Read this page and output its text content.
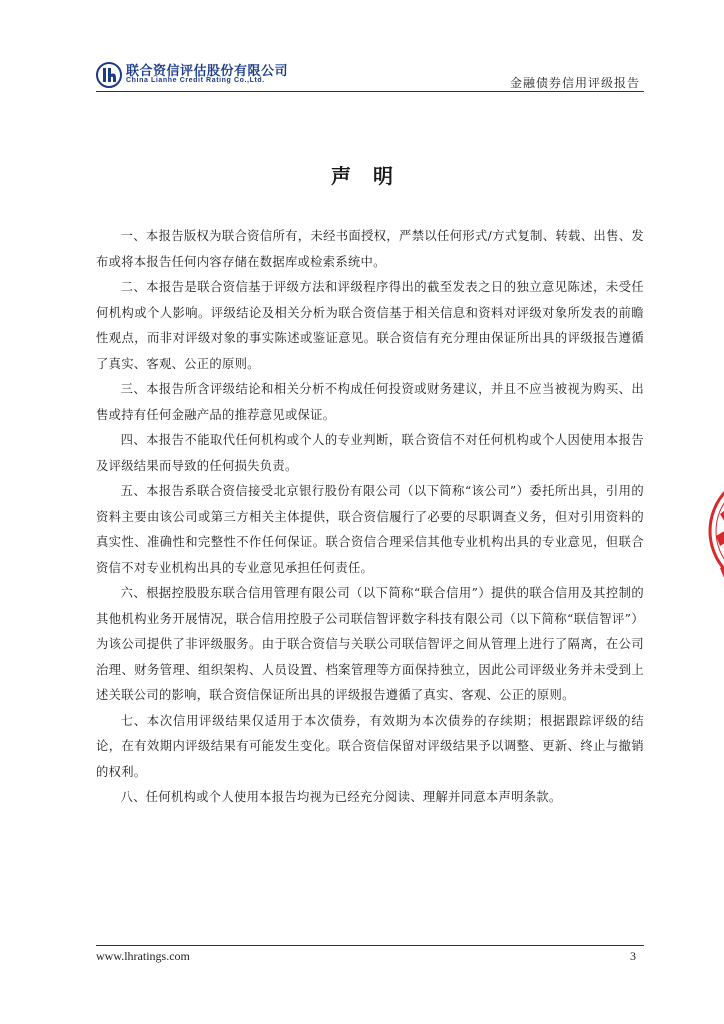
联合资信评估股份有限公司
China Lianhe Credit Rating Co.,Ltd.	金融债券信用评级报告
声明

一、本报告版权为联合资信所有，未经书面授权，严禁以任何形式/方式复制、转载、出售、发布或将本报告任何内容存储在数据库或检索系统中。

二、本报告是联合资信基于评级方法和评级程序得出的截至发表之日的独立意见陈述，未受任何机构或个人影响。评级结论及相关分析为联合资信基于相关信息和资料对评级对象所发表的前瞻性观点，而非对评级对象的事实陈述或鉴证意见。联合资信有充分理由保证所出具的评级报告遵循了真实、客观、公正的原则。

三、本报告所含评级结论和相关分析不构成任何投资或财务建议，并且不应当被视为购买、出售或持有任何金融产品的推荐意见或保证。

四、本报告不能取代任何机构或个人的专业判断，联合资信不对任何机构或个人因使用本报告及评级结果而导致的任何损失负责。

五、本报告系联合资信接受北京银行股份有限公司（以下简称“该公司”）委托所出具，引用的资料主要由该公司或第三方相关主体提供，联合资信履行了必要的尽职调查义务，但对引用资料的真实性、准确性和完整性不作任何保证。联合资信合理采信其他专业机构出具的专业意见，但联合资信不对专业机构出具的专业意见承担任何责任。

六、根据控股股东联合信用管理有限公司（以下简称“联合信用”）提供的联合信用及其控制的其他机构业务开展情况，联合信用控股子公司联信智评数字科技有限公司（以下简称“联信智评”）为该公司提供了非评级服务。由于联合资信与关联公司联信智评之间从管理上进行了隔离，在公司治理、财务管理、组织架构、人员设置、档案管理等方面保持独立，因此公司评级业务并未受到上述关联公司的影响，联合资信保证所出具的评级报告遵循了真实、客观、公正的原则。

七、本次信用评级结果仅适用于本次债券，有效期为本次债券的存续期；根据跟踪评级的结论，在有效期内评级结果有可能发生变化。联合资信保留对评级结果予以调整、更新、终止与撤销的权利。

八、任何机构或个人使用本报告均视为已经充分阅读、理解并同意本声明条款。

www.lhratings.com	3
